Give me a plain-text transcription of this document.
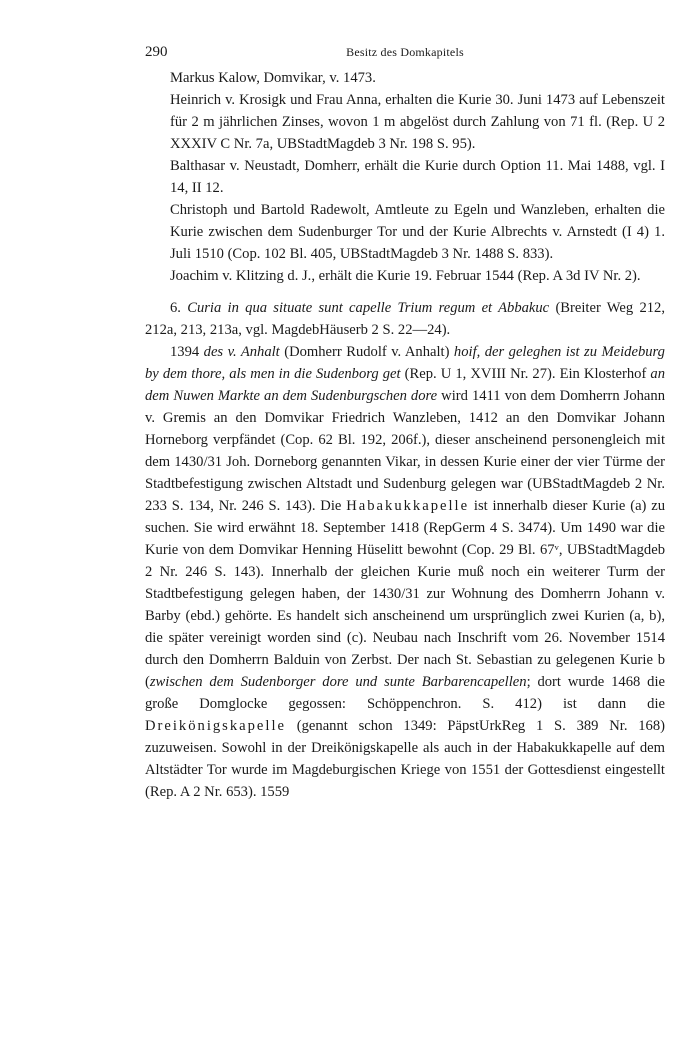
290	Besitz des Domkapitels

Markus Kalow, Domvikar, v. 1473.

Heinrich v. Krosigk und Frau Anna, erhalten die Kurie 30. Juni 1473 auf Lebenszeit für 2 m jährlichen Zinses, wovon 1 m abgelöst durch Zahlung von 71 fl. (Rep. U 2 XXXIV C Nr. 7a, UBStadtMagdeb 3 Nr. 198 S. 95).

Balthasar v. Neustadt, Domherr, erhält die Kurie durch Option 11. Mai 1488, vgl. I 14, II 12.

Christoph und Bartold Radewolt, Amtleute zu Egeln und Wanzleben, erhalten die Kurie zwischen dem Sudenburger Tor und der Kurie Albrechts v. Arnstedt (I 4) 1. Juli 1510 (Cop. 102 Bl. 405, UBStadtMagdeb 3 Nr. 1488 S. 833).

Joachim v. Klitzing d. J., erhält die Kurie 19. Februar 1544 (Rep. A 3d IV Nr. 2).

6. Curia in qua situate sunt capelle Trium regum et Abbakuc (Breiter Weg 212, 212a, 213, 213a, vgl. MagdebHäuserb 2 S. 22—24).

1394 des v. Anhalt (Domherr Rudolf v. Anhalt) hoif, der geleghen ist zu Meideburg by dem thore, als men in die Sudenborg get (Rep. U 1, XVIII Nr. 27). Ein Klosterhof an dem Nuwen Markte an dem Sudenburgschen dore wird 1411 von dem Domherrn Johann v. Gremis an den Domvikar Friedrich Wanzleben, 1412 an den Domvikar Johann Horneborg verpfändet (Cop. 62 Bl. 192, 206f.), dieser anscheinend personengleich mit dem 1430/31 Joh. Dorneborg genannten Vikar, in dessen Kurie einer der vier Türme der Stadtbefestigung zwischen Altstadt und Sudenburg gelegen war (UBStadtMagdeb 2 Nr. 233 S. 134, Nr. 246 S. 143). Die Habakukkapelle ist innerhalb dieser Kurie (a) zu suchen. Sie wird erwähnt 18. September 1418 (RepGerm 4 S. 3474). Um 1490 war die Kurie von dem Domvikar Henning Hüselitt bewohnt (Cop. 29 Bl. 67ᵛ, UBStadtMagdeb 2 Nr. 246 S. 143). Innerhalb der gleichen Kurie muß noch ein weiterer Turm der Stadtbefestigung gelegen haben, der 1430/31 zur Wohnung des Domherrn Johann v. Barby (ebd.) gehörte. Es handelt sich anscheinend um ursprünglich zwei Kurien (a, b), die später vereinigt worden sind (c). Neubau nach Inschrift vom 26. November 1514 durch den Domherrn Balduin von Zerbst. Der nach St. Sebastian zu gelegenen Kurie b (zwischen dem Sudenborger dore und sunte Barbarencapellen; dort wurde 1468 die große Domglocke gegossen: Schöppenchron. S. 412) ist dann die Dreikönigskapelle (genannt schon 1349: PäpstUrkReg 1 S. 389 Nr. 168) zuzuweisen. Sowohl in der Dreikönigskapelle als auch in der Habakukkapelle auf dem Altstädter Tor wurde im Magdeburgischen Kriege von 1551 der Gottesdienst eingestellt (Rep. A 2 Nr. 653). 1559
